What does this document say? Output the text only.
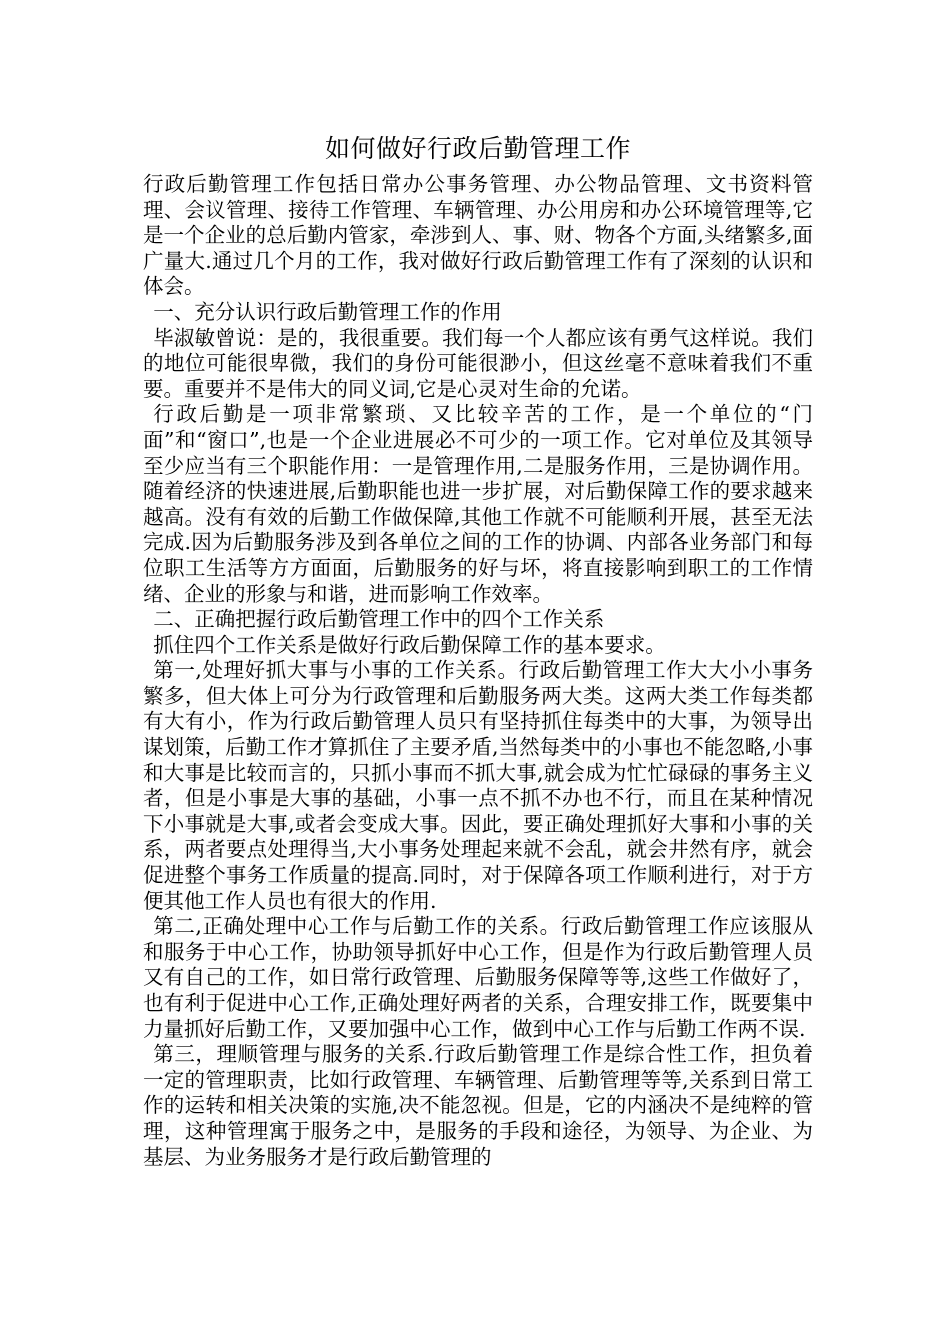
如何做好行政后勤管理工作

行政后勤管理工作包括日常办公事务管理、办公物品管理、文书资料管理、会议管理、接待工作管理、车辆管理、办公用房和办公环境管理等,它是一个企业的总后勤内管家，牵涉到人、事、财、物各个方面,头绪繁多,面广量大.通过几个月的工作，我对做好行政后勤管理工作有了深刻的认识和体会。

一、充分认识行政后勤管理工作的作用

毕淑敏曾说：是的，我很重要。我们每一个人都应该有勇气这样说。我们的地位可能很卑微，我们的身份可能很渺小，但这丝毫不意味着我们不重要。重要并不是伟大的同义词,它是心灵对生命的允诺。

行政后勤是一项非常繁琐、又比较辛苦的工作，是一个单位的“门面”和“窗口”,也是一个企业进展必不可少的一项工作。它对单位及其领导至少应当有三个职能作用：一是管理作用,二是服务作用，三是协调作用。随着经济的快速进展,后勤职能也进一步扩展，对后勤保障工作的要求越来越高。没有有效的后勤工作做保障,其他工作就不可能顺利开展，甚至无法完成.因为后勤服务涉及到各单位之间的工作的协调、内部各业务部门和每位职工生活等方方面面，后勤服务的好与坏，将直接影响到职工的工作情绪、企业的形象与和谐，进而影响工作效率。

二、正确把握行政后勤管理工作中的四个工作关系

抓住四个工作关系是做好行政后勤保障工作的基本要求。

第一,处理好抓大事与小事的工作关系。行政后勤管理工作大大小小事务繁多，但大体上可分为行政管理和后勤服务两大类。这两大类工作每类都有大有小，作为行政后勤管理人员只有坚持抓住每类中的大事，为领导出谋划策，后勤工作才算抓住了主要矛盾,当然每类中的小事也不能忽略,小事和大事是比较而言的，只抓小事而不抓大事,就会成为忙忙碌碌的事务主义者，但是小事是大事的基础，小事一点不抓不办也不行，而且在某种情况下小事就是大事,或者会变成大事。因此，要正确处理抓好大事和小事的关系，两者要点处理得当,大小事务处理起来就不会乱，就会井然有序，就会促进整个事务工作质量的提高.同时，对于保障各项工作顺利进行，对于方便其他工作人员也有很大的作用.

第二,正确处理中心工作与后勤工作的关系。行政后勤管理工作应该服从和服务于中心工作，协助领导抓好中心工作，但是作为行政后勤管理人员又有自己的工作，如日常行政管理、后勤服务保障等等,这些工作做好了，也有利于促进中心工作,正确处理好两者的关系，合理安排工作，既要集中力量抓好后勤工作，又要加强中心工作，做到中心工作与后勤工作两不误.

第三，理顺管理与服务的关系.行政后勤管理工作是综合性工作，担负着一定的管理职责，比如行政管理、车辆管理、后勤管理等等,关系到日常工作的运转和相关决策的实施,决不能忽视。但是，它的内涵决不是纯粹的管理，这种管理寓于服务之中，是服务的手段和途径，为领导、为企业、为基层、为业务服务才是行政后勤管理的
